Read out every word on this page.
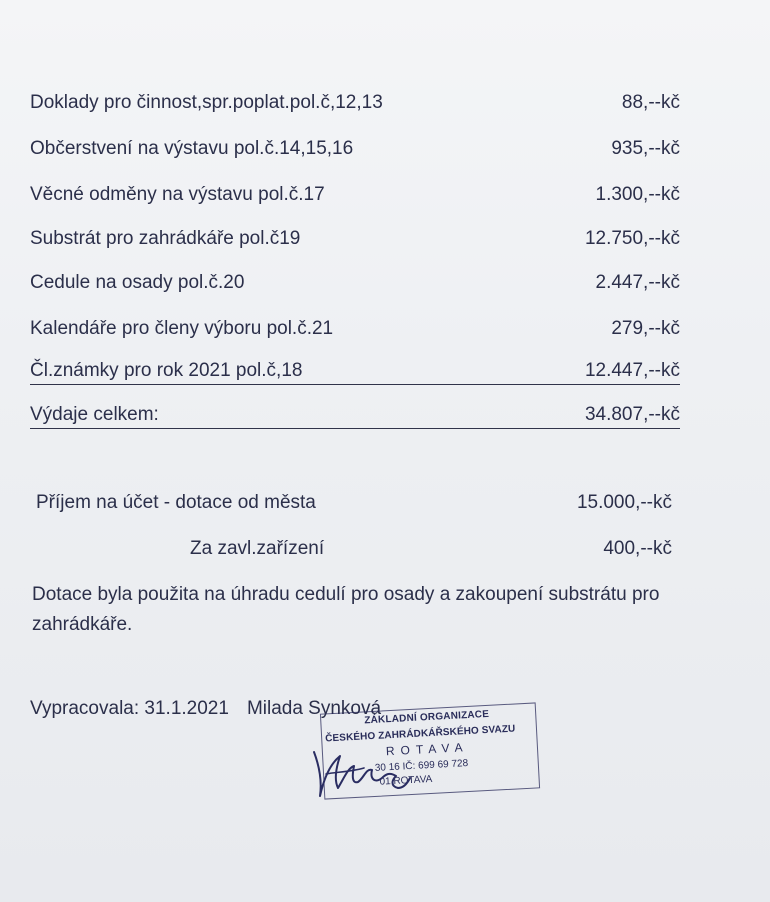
Doklady pro činnost,spr.poplat.pol.č,12,13	88,--kč
Občerstvení na výstavu pol.č.14,15,16	935,--kč
Věcné odměny na výstavu pol.č.17	1.300,--kč
Substrát pro zahrádkáře pol.č19	12.750,--kč
Cedule na osady pol.č.20	2.447,--kč
Kalendáře pro členy výboru pol.č.21	279,--kč
Čl.známky pro rok 2021 pol.č,18	12.447,--kč
Výdaje celkem:	34.807,--kč
Příjem na účet - dotace od města	15.000,--kč
Za zavl.zařízení	400,--kč
Dotace byla použita na úhradu cedulí pro osady a zakoupení substrátu pro zahrádkáře.
Vypracovala: 31.1.2021 Milada Synková
ZÁKLADNÍ ORGANIZACE
ČESKÉHO ZAHRÁDKÁŘSKÉHO SVAZU
ROTAVA
30 16 IČ: 699 69 728
01 ROTAVA
